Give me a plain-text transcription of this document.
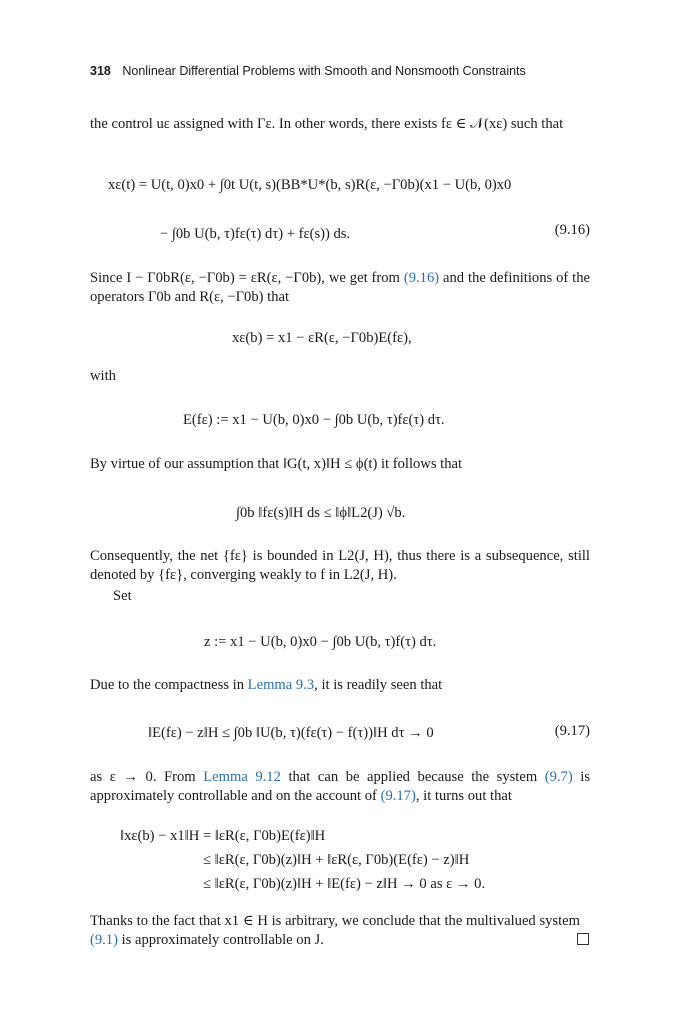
318 Nonlinear Differential Problems with Smooth and Nonsmooth Constraints
the control uε assigned with Γε. In other words, there exists fε ∈ 𝒩(xε) such that
xε(t) = U(t, 0)x0 + ∫0t U(t, s)(BB*U*(b, s)R(ε, −Γ0b)(x1 − U(b, 0)x0
− ∫0b U(b, τ)fε(τ) dτ) + fε(s)) ds.	(9.16)
Since I − Γ0bR(ε, −Γ0b) = εR(ε, −Γ0b), we get from (9.16) and the definitions of the operators Γ0b and R(ε, −Γ0b) that
xε(b) = x1 − εR(ε, −Γ0b)E(fε),
with
E(fε) := x1 − U(b, 0)x0 − ∫0b U(b, τ)fε(τ) dτ.
By virtue of our assumption that ‖G(t, x)‖H ≤ ϕ(t) it follows that
∫0b ‖fε(s)‖H ds ≤ ‖ϕ‖L2(J) √b.
Consequently, the net {fε} is bounded in L2(J, H), thus there is a subsequence, still denoted by {fε}, converging weakly to f in L2(J, H).
Set
z := x1 − U(b, 0)x0 − ∫0b U(b, τ)f(τ) dτ.
Due to the compactness in Lemma 9.3, it is readily seen that
‖E(fε) − z‖H ≤ ∫0b ‖U(b, τ)(fε(τ) − f(τ))‖H dτ → 0	(9.17)
as ε → 0. From Lemma 9.12 that can be applied because the system (9.7) is approximately controllable and on the account of (9.17), it turns out that
‖xε(b) − x1‖H = ‖εR(ε, Γ0b)E(fε)‖H
≤ ‖εR(ε, Γ0b)(z)‖H + ‖εR(ε, Γ0b)(E(fε) − z)‖H
≤ ‖εR(ε, Γ0b)(z)‖H + ‖E(fε) − z‖H → 0 as ε → 0.
Thanks to the fact that x1 ∈ H is arbitrary, we conclude that the multivalued system (9.1) is approximately controllable on J.
